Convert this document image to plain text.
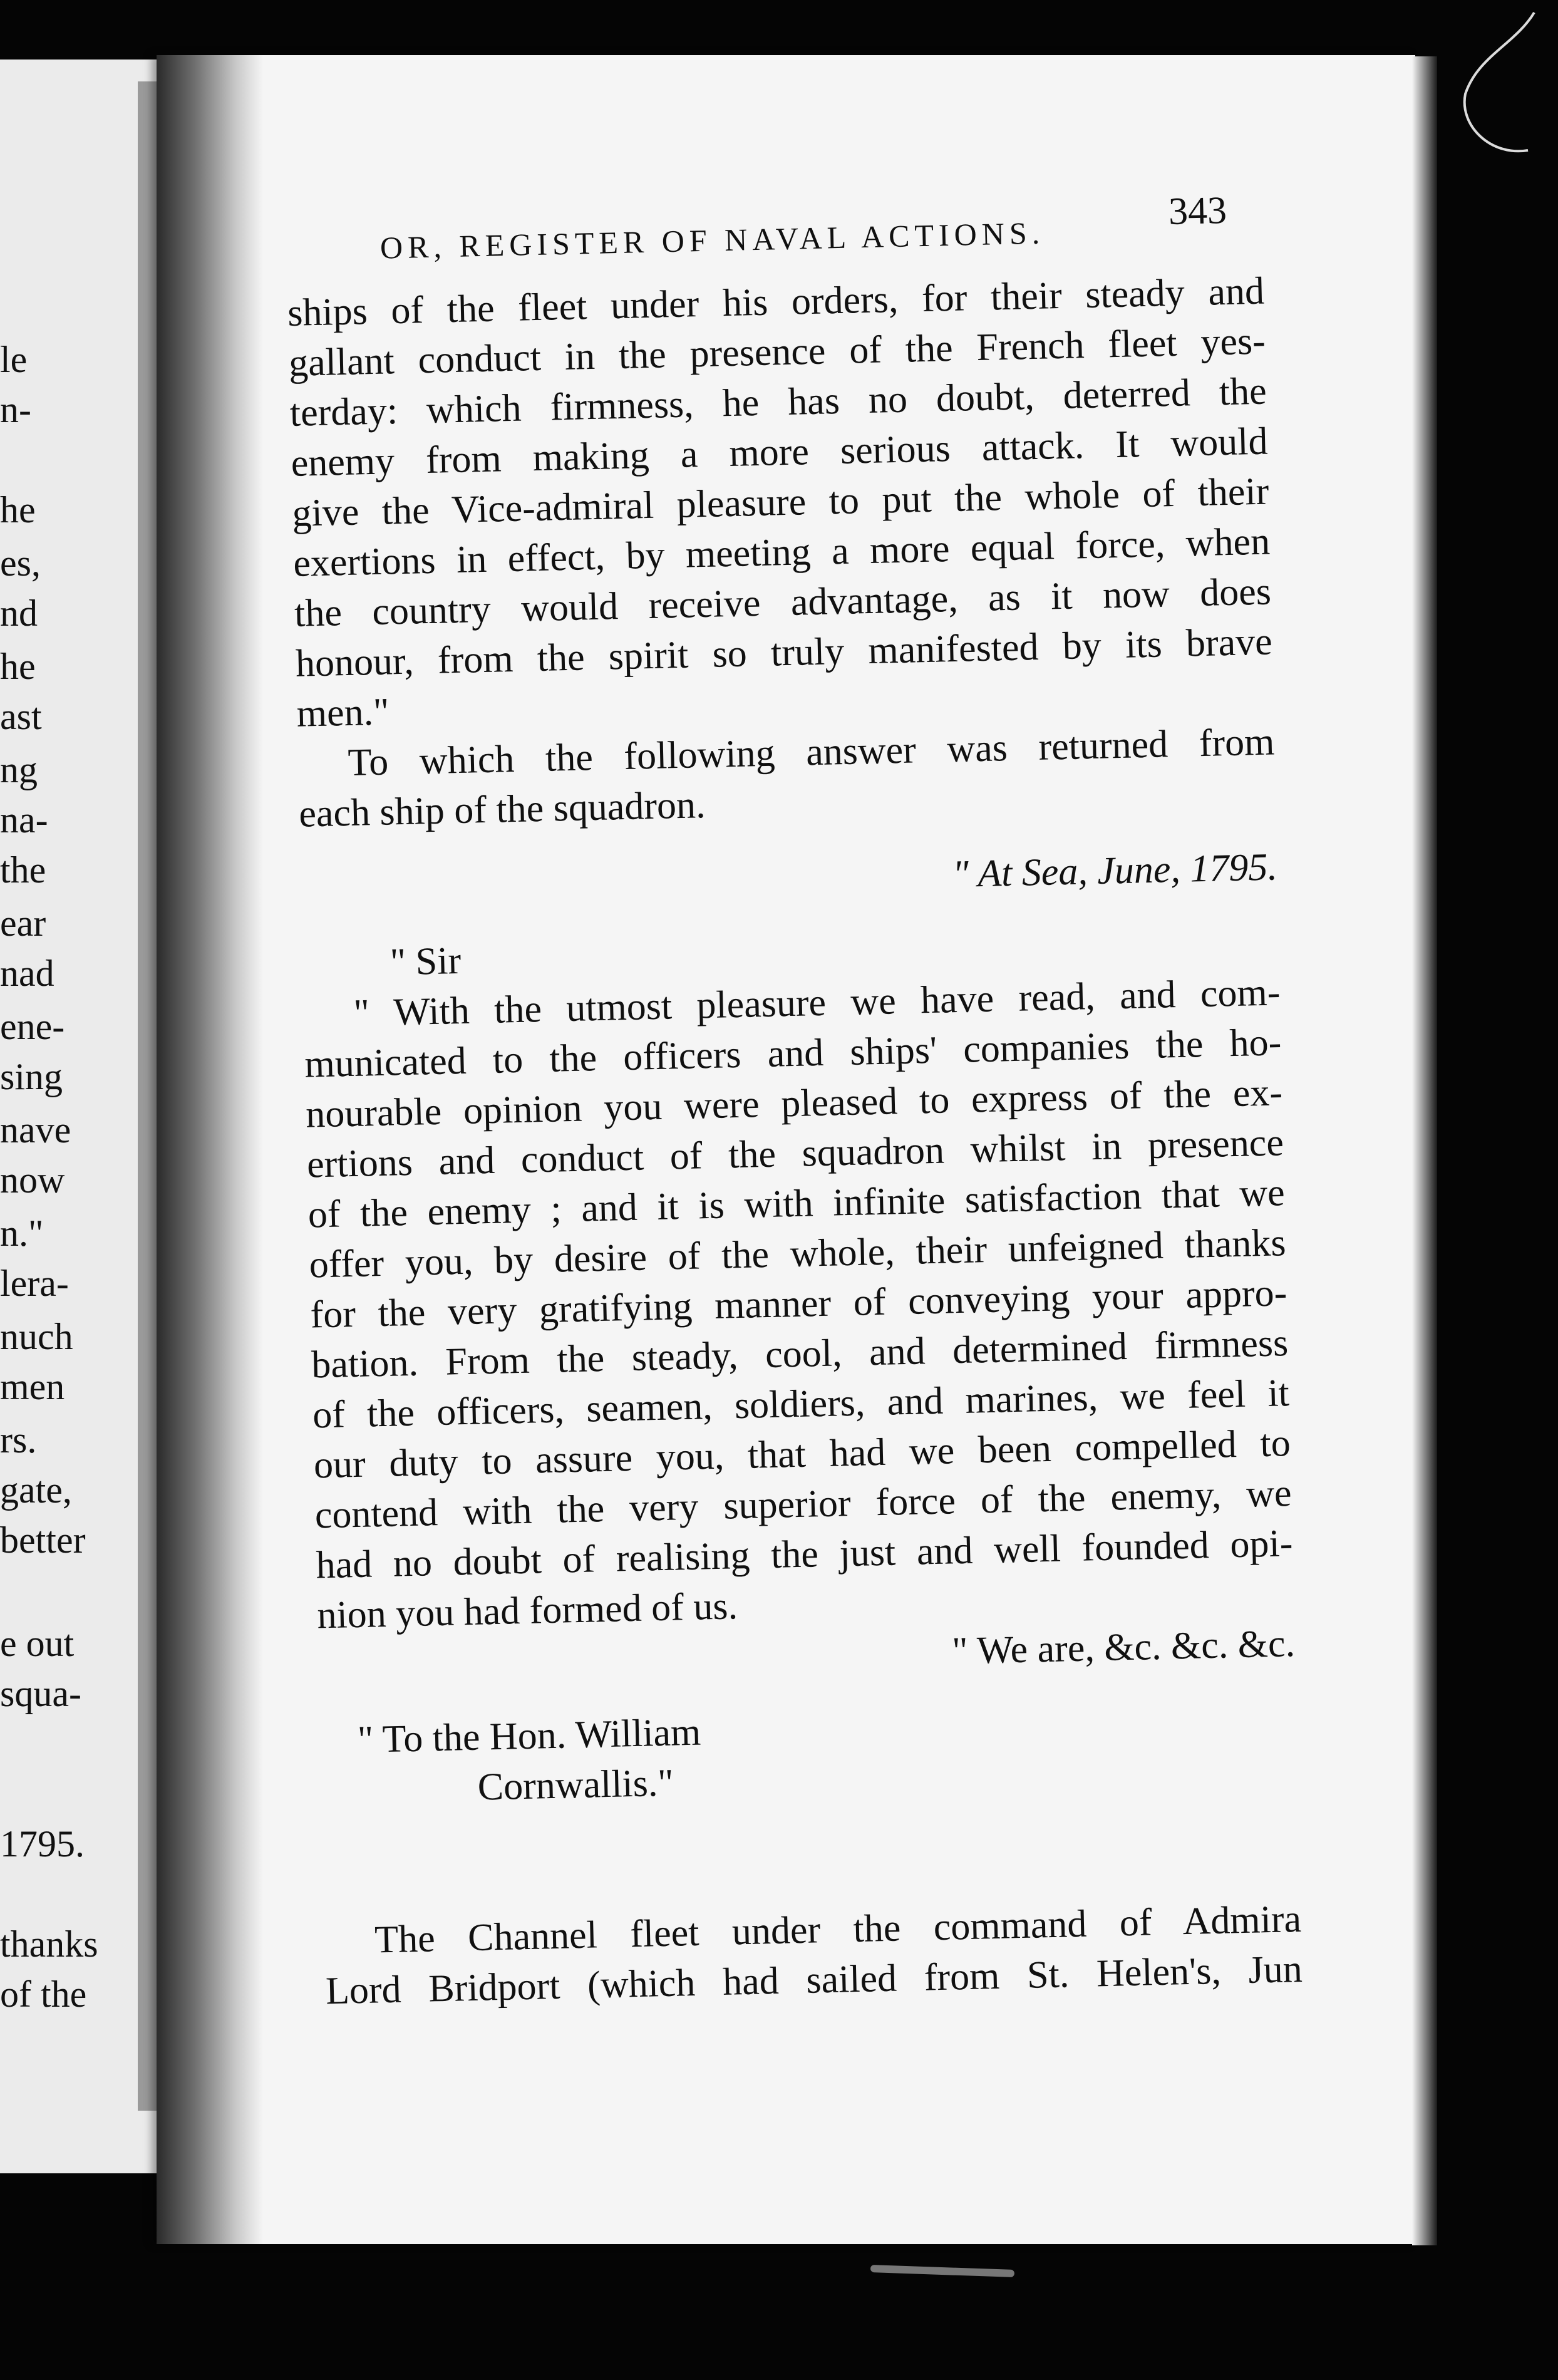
le
n-
he
es,
nd
he
ast
ng
na-
the
ear
nad
ene-
sing
nave
now
n."
lera-
nuch
men
rs.
gate,
better
e out
squa-
1795.
thanks
of the
OR, REGISTER OF NAVAL ACTIONS.
343
ships of the fleet under his orders, for their steady and
gallant conduct in the presence of the French fleet yes-
terday: which firmness, he has no doubt, deterred the
enemy from making a more serious attack. It would
give the Vice-admiral pleasure to put the whole of their
exertions in effect, by meeting a more equal force, when
the country would receive advantage, as it now does
honour, from the spirit so truly manifested by its brave
men."
To which the following answer was returned from
each ship of the squadron.
" At Sea, June, 1795.
" Sir
" With the utmost pleasure we have read, and com-
municated to the officers and ships' companies the ho-
nourable opinion you were pleased to express of the ex-
ertions and conduct of the squadron whilst in presence
of the enemy ; and it is with infinite satisfaction that we
offer you, by desire of the whole, their unfeigned thanks
for the very gratifying manner of conveying your appro-
bation. From the steady, cool, and determined firmness
of the officers, seamen, soldiers, and marines, we feel it
our duty to assure you, that had we been compelled to
contend with the very superior force of the enemy, we
had no doubt of realising the just and well founded opi-
nion you had formed of us.
" We are, &c. &c. &c.
" To the Hon. William
Cornwallis."
The Channel fleet under the command of Admira
Lord Bridport (which had sailed from St. Helen's, Jun
